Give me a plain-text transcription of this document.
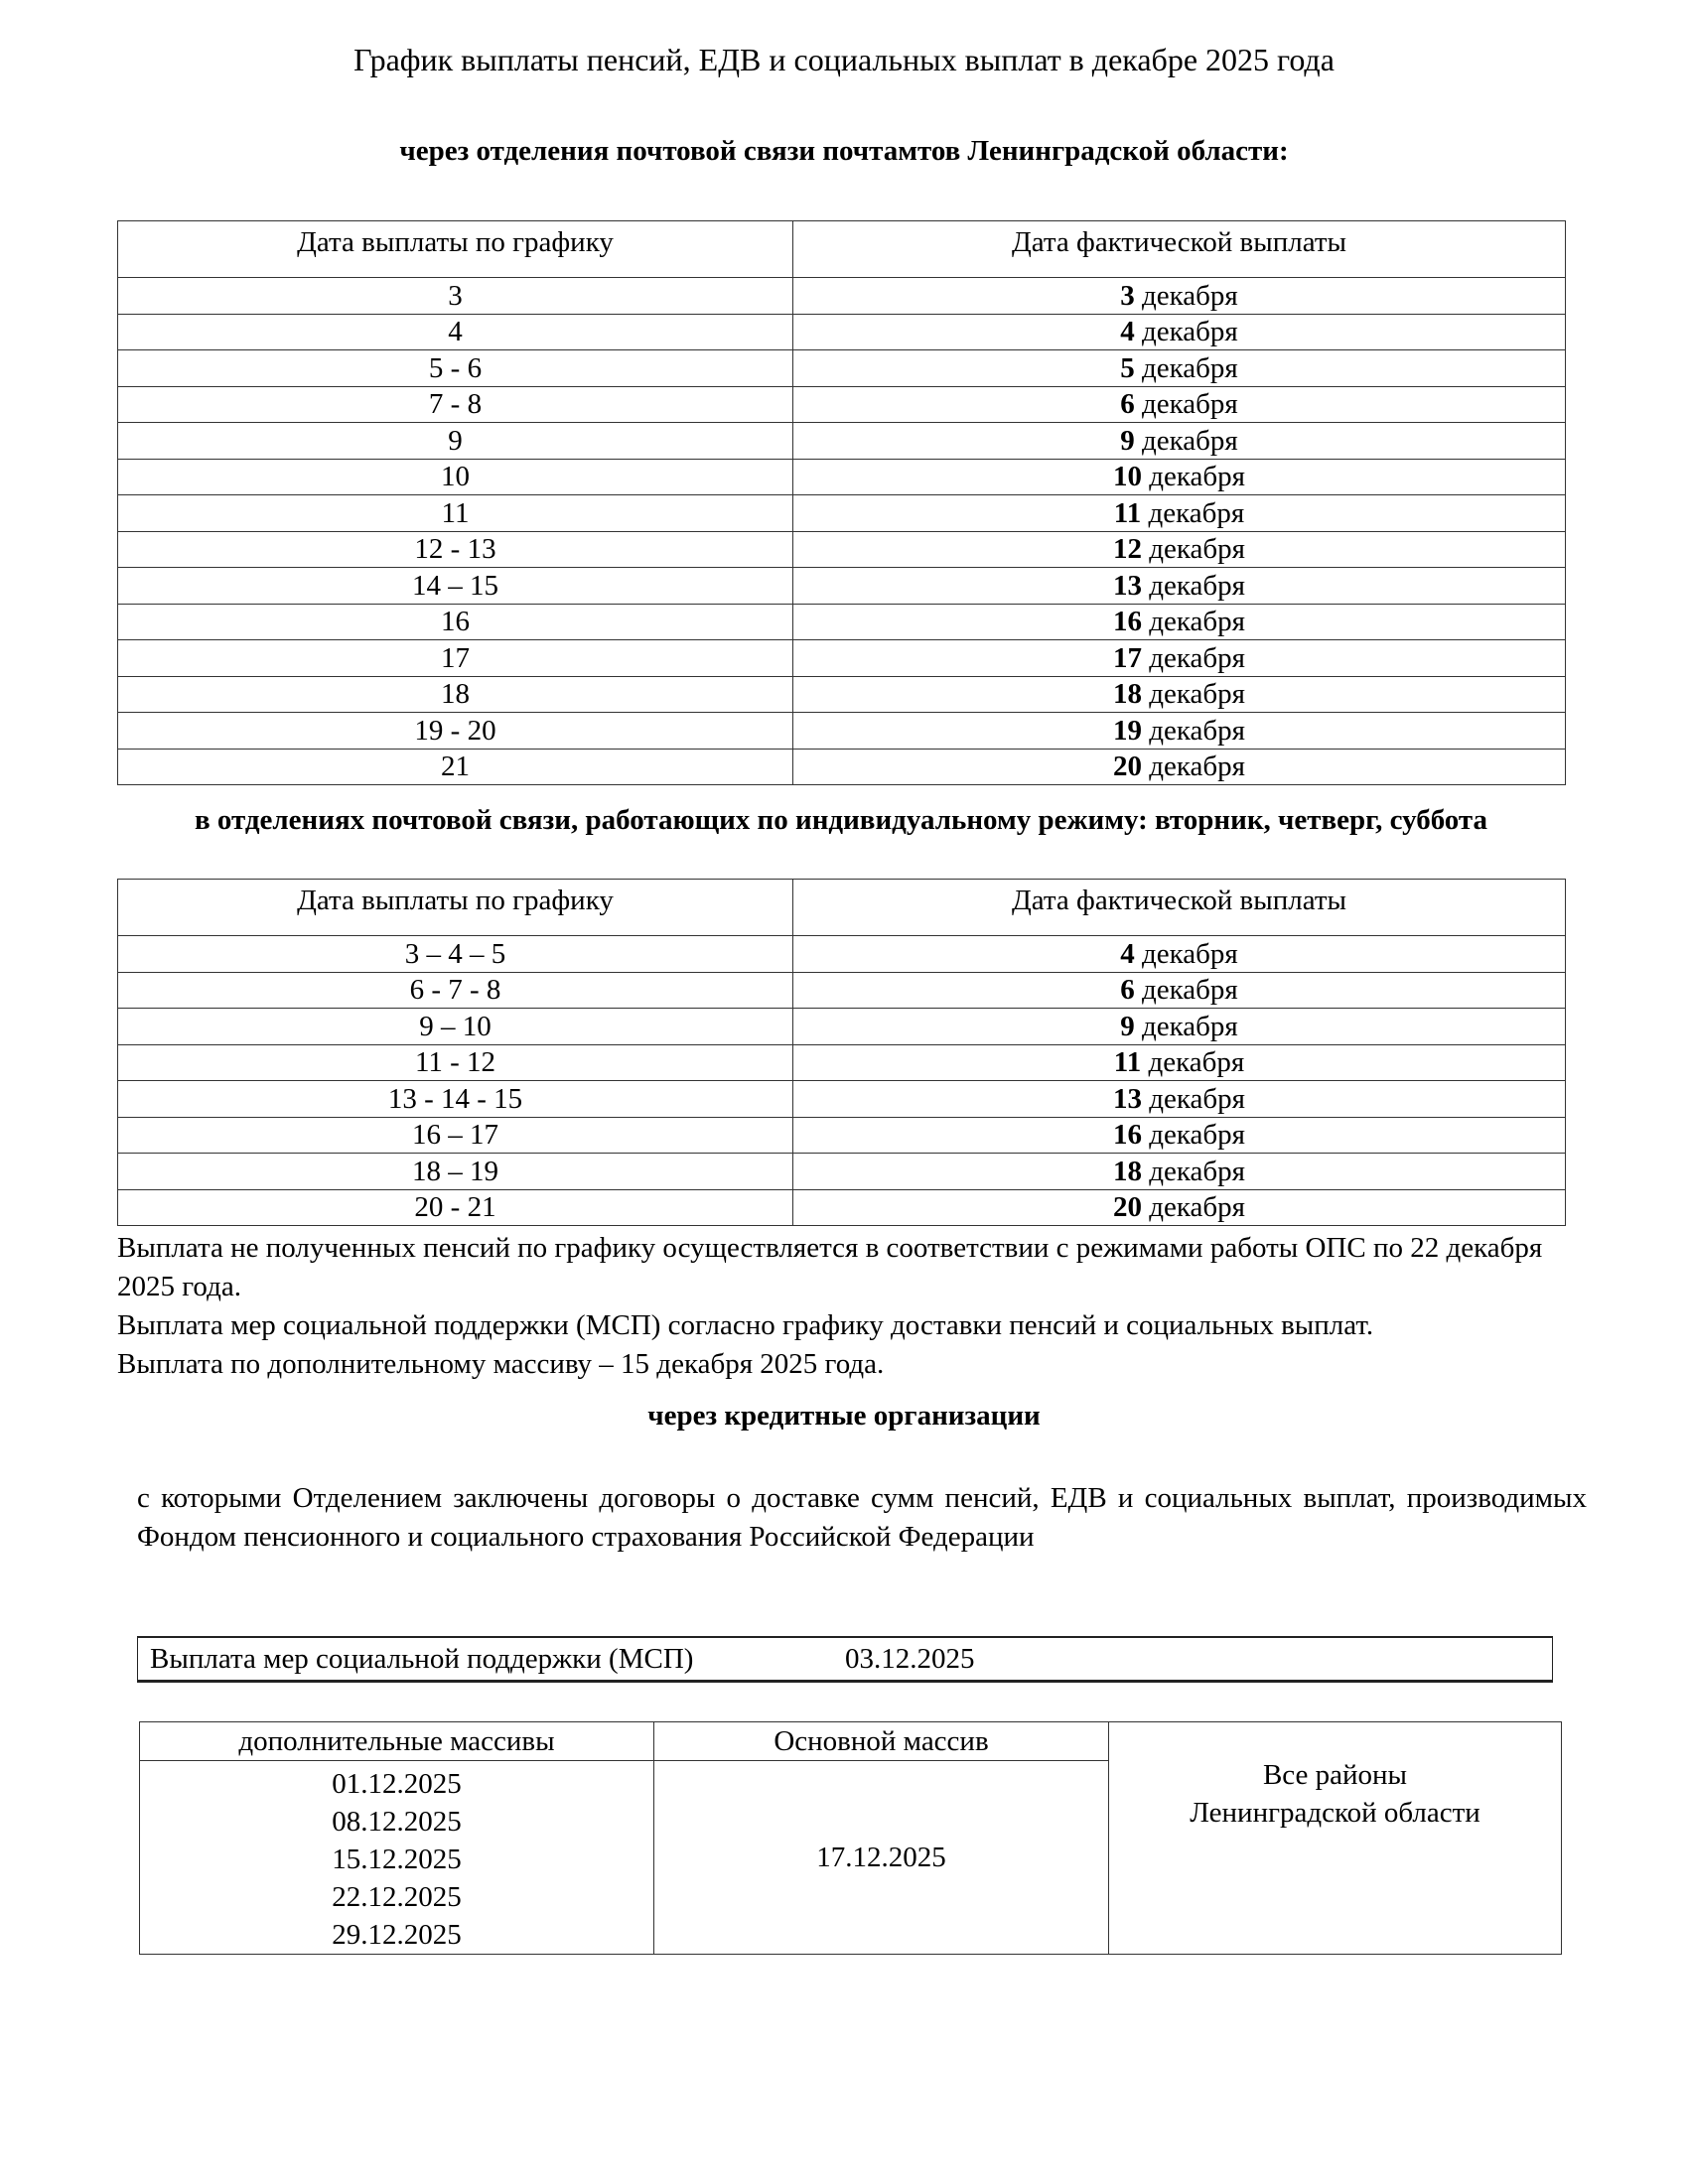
График выплаты пенсий, ЕДВ и социальных выплат в декабре 2025 года
через отделения почтовой связи почтамтов Ленинградской области:
Дата выплаты по графику	Дата фактической выплаты
3	3 декабря
4	4 декабря
5 - 6	5 декабря
7 - 8	6 декабря
9	9 декабря
10	10 декабря
11	11 декабря
12 - 13	12 декабря
14 – 15	13 декабря
16	16 декабря
17	17 декабря
18	18 декабря
19 - 20	19 декабря
21	20 декабря
в отделениях почтовой связи, работающих по индивидуальному режиму: вторник, четверг, суббота
Дата выплаты по графику	Дата фактической выплаты
3 – 4 – 5	4 декабря
6 - 7 - 8	6 декабря
9 – 10	9 декабря
11 - 12	11 декабря
13 - 14 - 15	13 декабря
16 – 17	16 декабря
18 – 19	18 декабря
20 - 21	20 декабря

Выплата не полученных пенсий по графику осуществляется в соответствии с режимами работы ОПС по 22 декабря 2025 года.

Выплата мер социальной поддержки (МСП) согласно графику доставки пенсий и социальных выплат.

Выплата по дополнительному массиву – 15 декабря 2025 года.

через кредитные организации
с которыми Отделением заключены договоры о доставке сумм пенсий, ЕДВ и социальных выплат, производимых Фондом пенсионного и социального страхования Российской Федерации
Выплата мер социальной поддержки (МСП)	03.12.2025
дополнительные массивы	Основной массив	Все районы
Ленинградской области

01.12.2025
08.12.2025
15.12.2025
22.12.2025
29.12.2025	17.12.2025	
